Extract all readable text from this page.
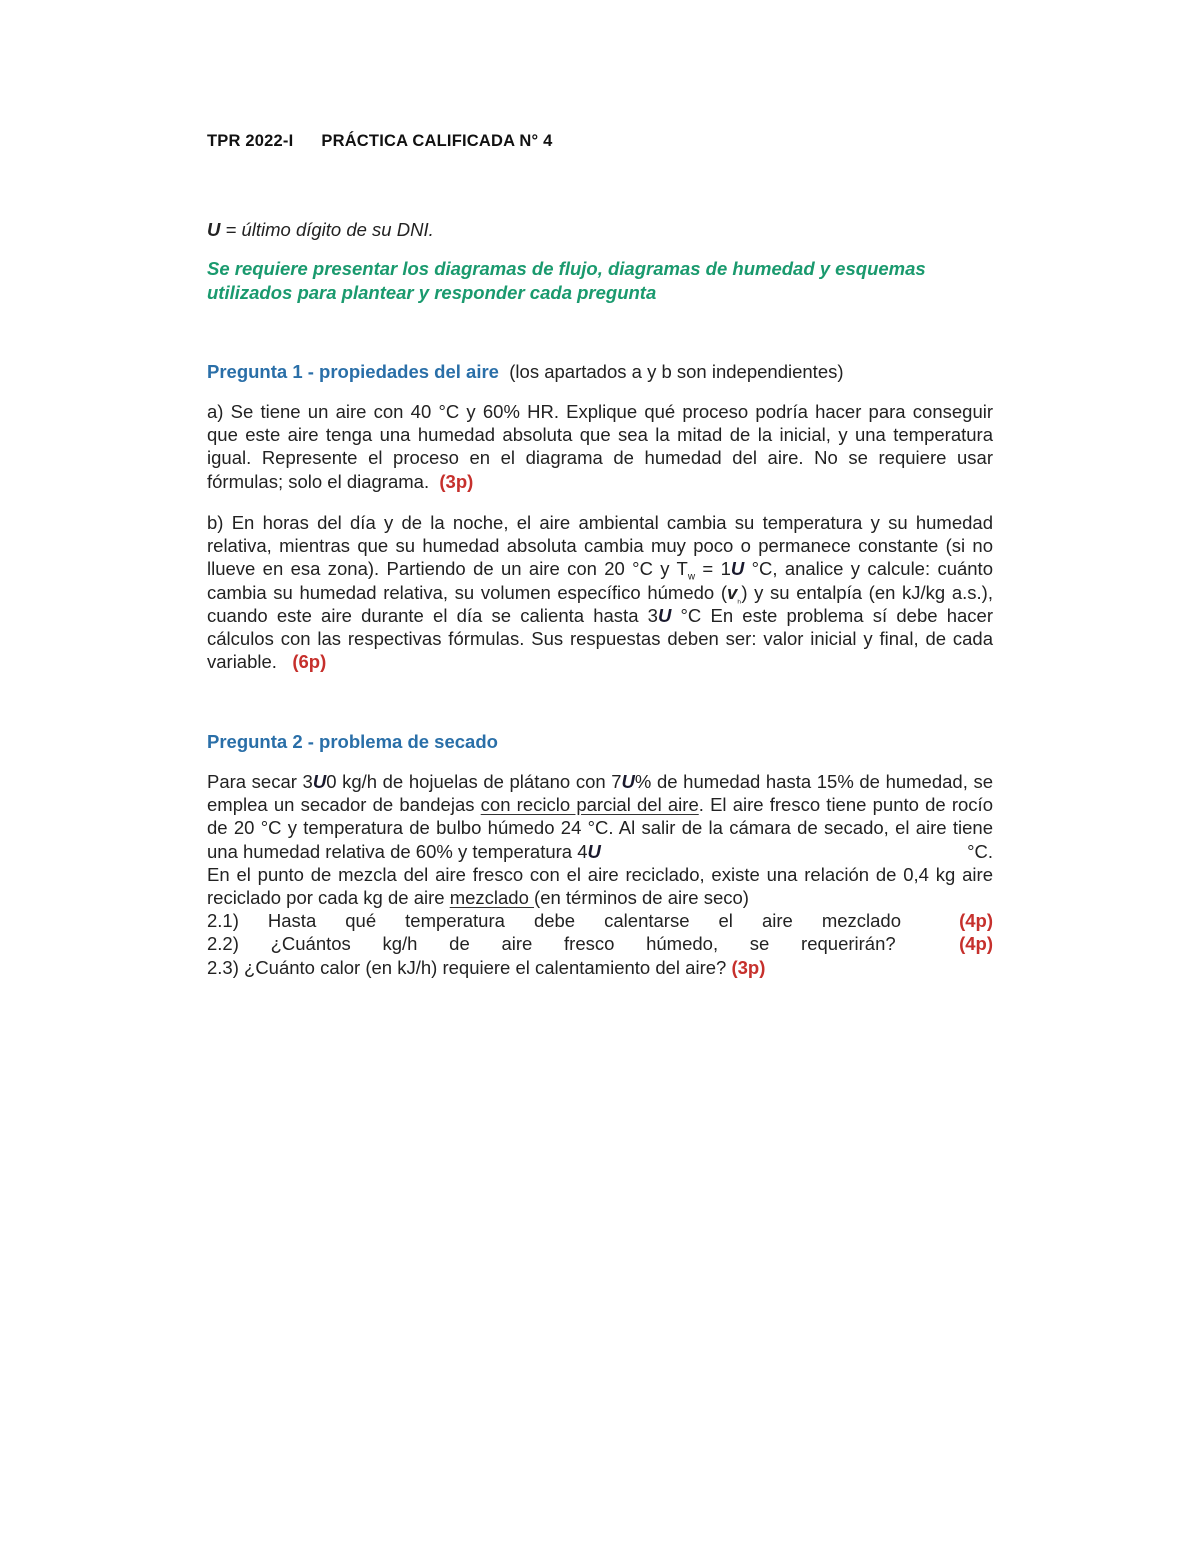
TPR 2022-I PRÁCTICA CALIFICADA N° 4
U = último dígito de su DNI.
Se requiere presentar los diagramas de flujo, diagramas de humedad y esquemas utilizados para plantear y responder cada pregunta
Pregunta 1 - propiedades del aire (los apartados a y b son independientes)
a) Se tiene un aire con 40 °C y 60% HR. Explique qué proceso podría hacer para conseguir que este aire tenga una humedad absoluta que sea la mitad de la inicial, y una temperatura igual. Represente el proceso en el diagrama de humedad del aire. No se requiere usar fórmulas; solo el diagrama. (3p)
b) En horas del día y de la noche, el aire ambiental cambia su temperatura y su humedad relativa, mientras que su humedad absoluta cambia muy poco o permanece constante (si no llueve en esa zona). Partiendo de un aire con 20 °C y $T_w = 1U$ °C, analice y calcule: cuánto cambia su humedad relativa, su volumen específico húmedo $(v_{_h})$ y su entalpía (en kJ/kg a.s.), cuando este aire durante el día se calienta hasta 3U °C En este problema sí debe hacer cálculos con las respectivas fórmulas. Sus respuestas deben ser: valor inicial y final, de cada variable. (6p)
Pregunta 2 - problema de secado
Para secar 3U0 kg/h de hojuelas de plátano con 7U% de humedad hasta 15% de humedad, se emplea un secador de bandejas con reciclo parcial del aire. El aire fresco tiene punto de rocío de 20 °C y temperatura de bulbo húmedo 24 °C. Al salir de la cámara de secado, el aire tiene una humedad relativa de 60% y temperatura 4U	°C.
En el punto de mezcla del aire fresco con el aire reciclado, existe una relación de 0,4 kg aire reciclado por cada kg de aire mezclado (en términos de aire seco)
2.1) Hasta qué temperatura debe calentarse el aire mezclado	(4p)
2.2) ¿Cuántos kg/h de aire fresco húmedo, se requerirán?	(4p)
2.3) ¿Cuánto calor (en kJ/h) requiere el calentamiento del aire? (3p)
